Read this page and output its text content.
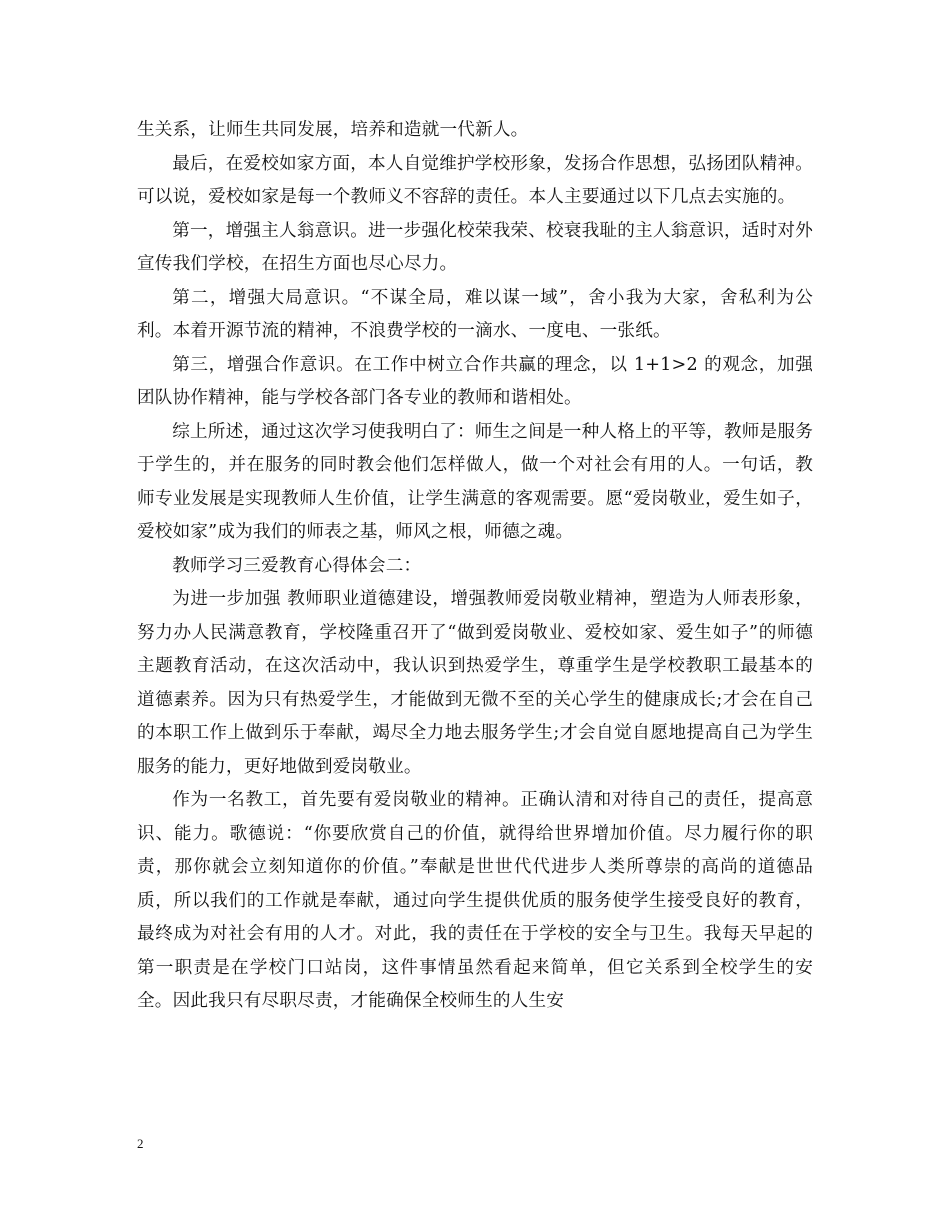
生关系，让师生共同发展，培养和造就一代新人。

最后，在爱校如家方面，本人自觉维护学校形象，发扬合作思想，弘扬团队精神。可以说，爱校如家是每一个教师义不容辞的责任。本人主要通过以下几点去实施的。

第一，增强主人翁意识。进一步强化校荣我荣、校衰我耻的主人翁意识，适时对外宣传我们学校，在招生方面也尽心尽力。

第二，增强大局意识。“不谋全局，难以谋一域”，舍小我为大家，舍私利为公利。本着开源节流的精神，不浪费学校的一滴水、一度电、一张纸。

第三，增强合作意识。在工作中树立合作共赢的理念，以 1+1>2 的观念，加强团队协作精神，能与学校各部门各专业的教师和谐相处。

综上所述，通过这次学习使我明白了：师生之间是一种人格上的平等，教师是服务于学生的，并在服务的同时教会他们怎样做人，做一个对社会有用的人。一句话，教师专业发展是实现教师人生价值，让学生满意的客观需要。愿“爱岗敬业，爱生如子， 爱校如家”成为我们的师表之基，师风之根，师德之魂。

教师学习三爱教育心得体会二：

为进一步加强 教师职业道德建设，增强教师爱岗敬业精神，塑造为人师表形象，努力办人民满意教育，学校隆重召开了“做到爱岗敬业、爱校如家、爱生如子”的师德主题教育活动，在这次活动中，我认识到热爱学生，尊重学生是学校教职工最基本的道德素养。因为只有热爱学生，才能做到无微不至的关心学生的健康成长;才会在自己的本职工作上做到乐于奉献，竭尽全力地去服务学生;才会自觉自愿地提高自己为学生服务的能力，更好地做到爱岗敬业。

作为一名教工，首先要有爱岗敬业的精神。正确认清和对待自己的责任，提高意识、能力。歌德说：“你要欣赏自己的价值，就得给世界增加价值。尽力履行你的职责，那你就会立刻知道你的价值。”奉献是世世代代进步人类所尊崇的高尚的道德品质，所以我们的工作就是奉献，通过向学生提供优质的服务使学生接受良好的教育，最终成为对社会有用的人才。对此，我的责任在于学校的安全与卫生。我每天早起的第一职责是在学校门口站岗，这件事情虽然看起来简单，但它关系到全校学生的安全。因此我只有尽职尽责，才能确保全校师生的人生安

2
